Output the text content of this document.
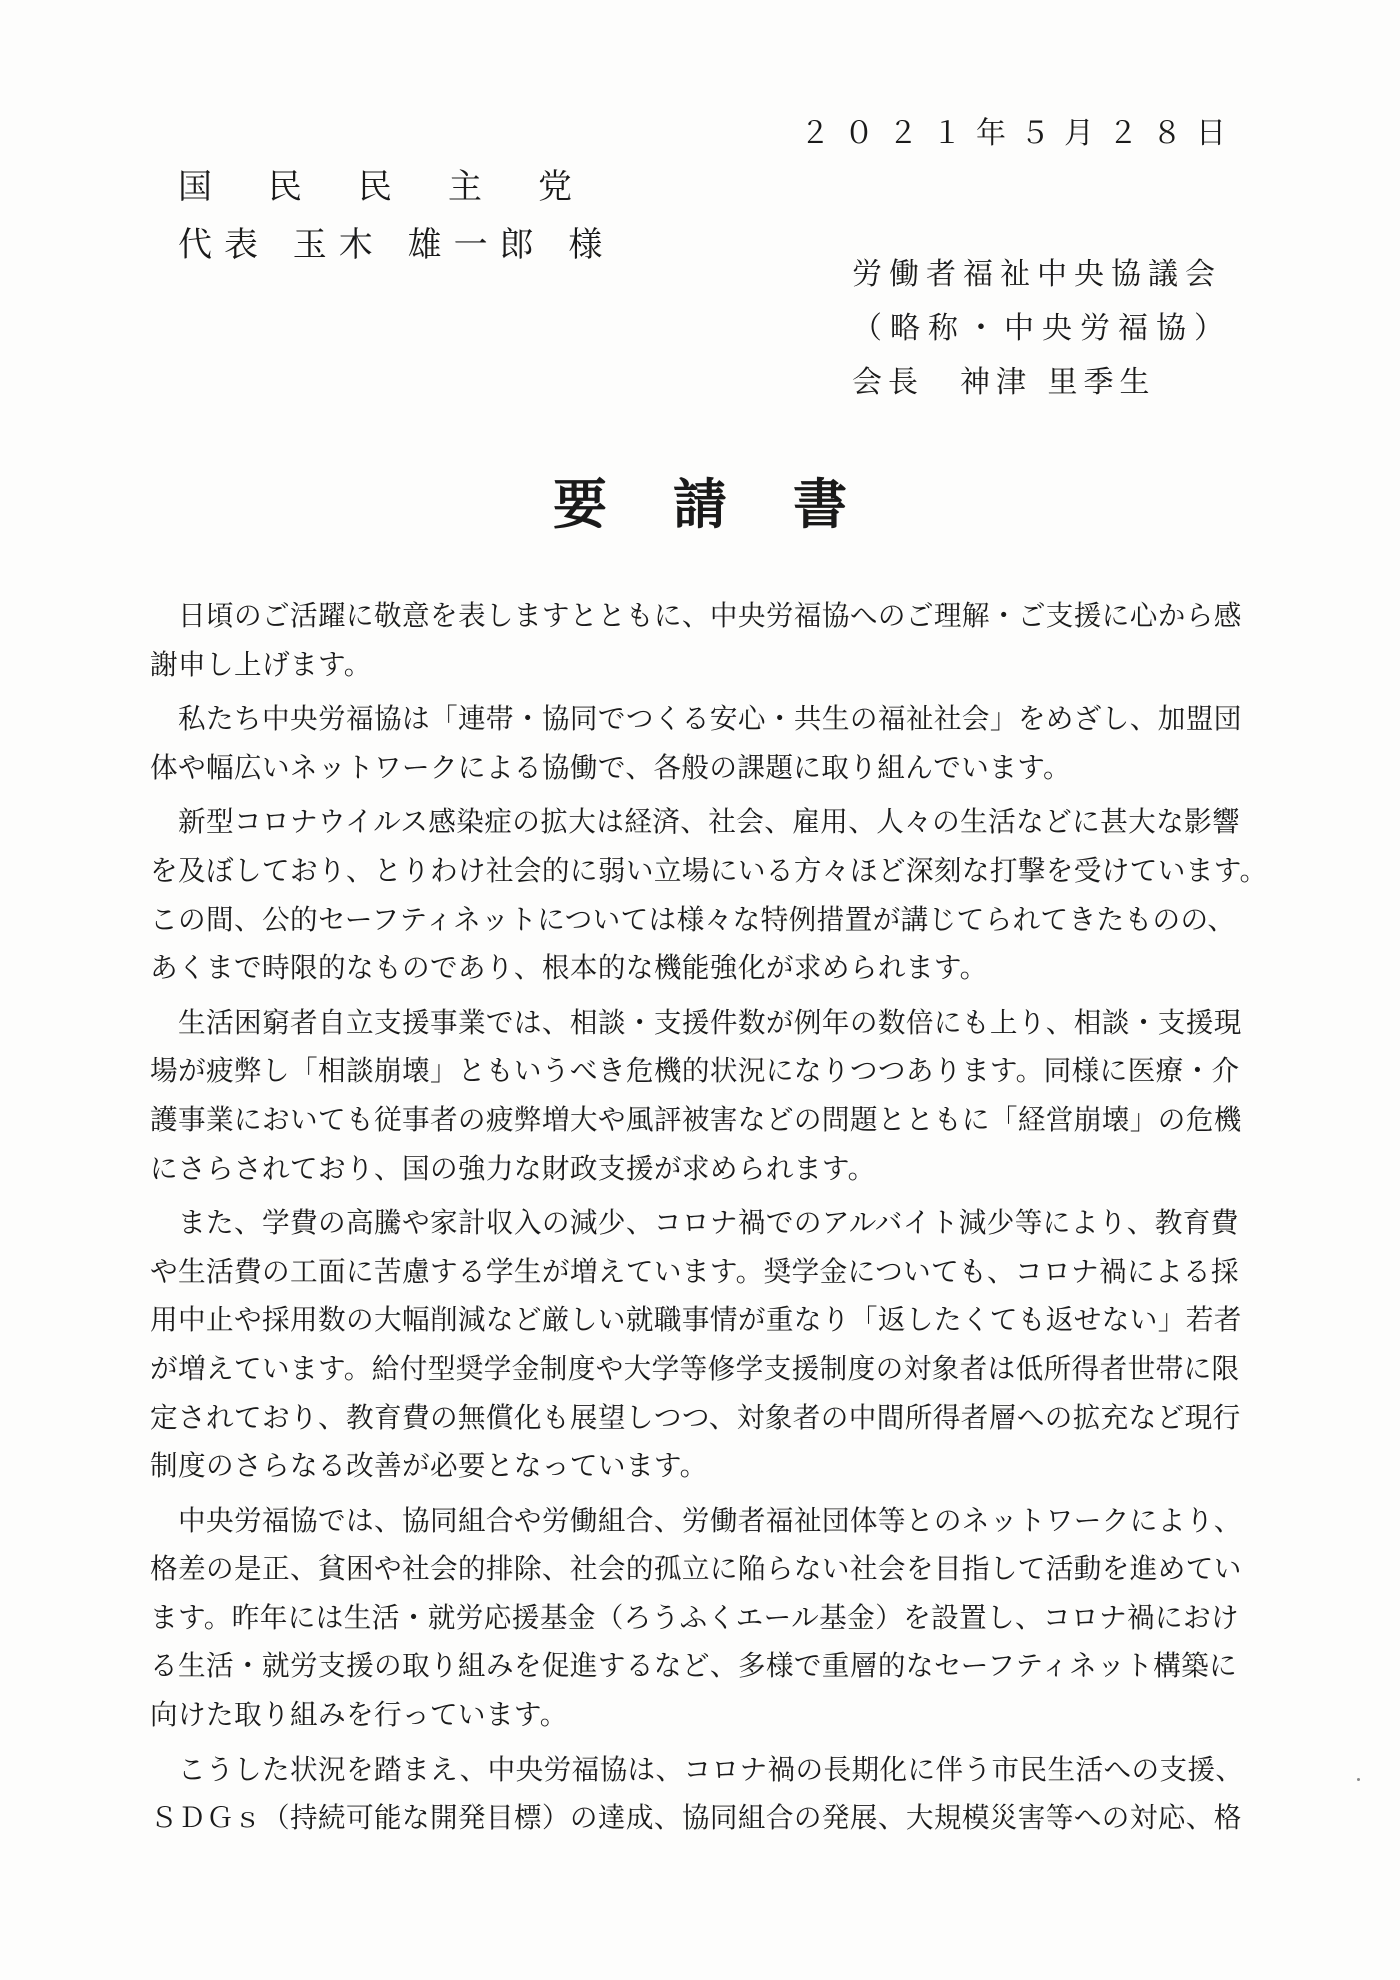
２０２１年５月２８日
国民民主党
代表 玉木 雄一郎 様
労働者福祉中央協議会
（略称・中央労福協）
会長　神津 里季生
要請書
日頃のご活躍に敬意を表しますとともに、中央労福協へのご理解・ご支援に心から感
謝申し上げます。
私たち中央労福協は「連帯・協同でつくる安心・共生の福祉社会」をめざし、加盟団
体や幅広いネットワークによる協働で、各般の課題に取り組んでいます。
新型コロナウイルス感染症の拡大は経済、社会、雇用、人々の生活などに甚大な影響
を及ぼしており、とりわけ社会的に弱い立場にいる方々ほど深刻な打撃を受けています。
この間、公的セーフティネットについては様々な特例措置が講じてられてきたものの、
あくまで時限的なものであり、根本的な機能強化が求められます。
生活困窮者自立支援事業では、相談・支援件数が例年の数倍にも上り、相談・支援現
場が疲弊し「相談崩壊」ともいうべき危機的状況になりつつあります。同様に医療・介
護事業においても従事者の疲弊増大や風評被害などの問題とともに「経営崩壊」の危機
にさらされており、国の強力な財政支援が求められます。
また、学費の高騰や家計収入の減少、コロナ禍でのアルバイト減少等により、教育費
や生活費の工面に苦慮する学生が増えています。奨学金についても、コロナ禍による採
用中止や採用数の大幅削減など厳しい就職事情が重なり「返したくても返せない」若者
が増えています。給付型奨学金制度や大学等修学支援制度の対象者は低所得者世帯に限
定されており、教育費の無償化も展望しつつ、対象者の中間所得者層への拡充など現行
制度のさらなる改善が必要となっています。
中央労福協では、協同組合や労働組合、労働者福祉団体等とのネットワークにより、
格差の是正、貧困や社会的排除、社会的孤立に陥らない社会を目指して活動を進めてい
ます。昨年には生活・就労応援基金（ろうふくエール基金）を設置し、コロナ禍におけ
る生活・就労支援の取り組みを促進するなど、多様で重層的なセーフティネット構築に
向けた取り組みを行っています。
こうした状況を踏まえ、中央労福協は、コロナ禍の長期化に伴う市民生活への支援、
ＳＤＧｓ（持続可能な開発目標）の達成、協同組合の発展、大規模災害等への対応、格
